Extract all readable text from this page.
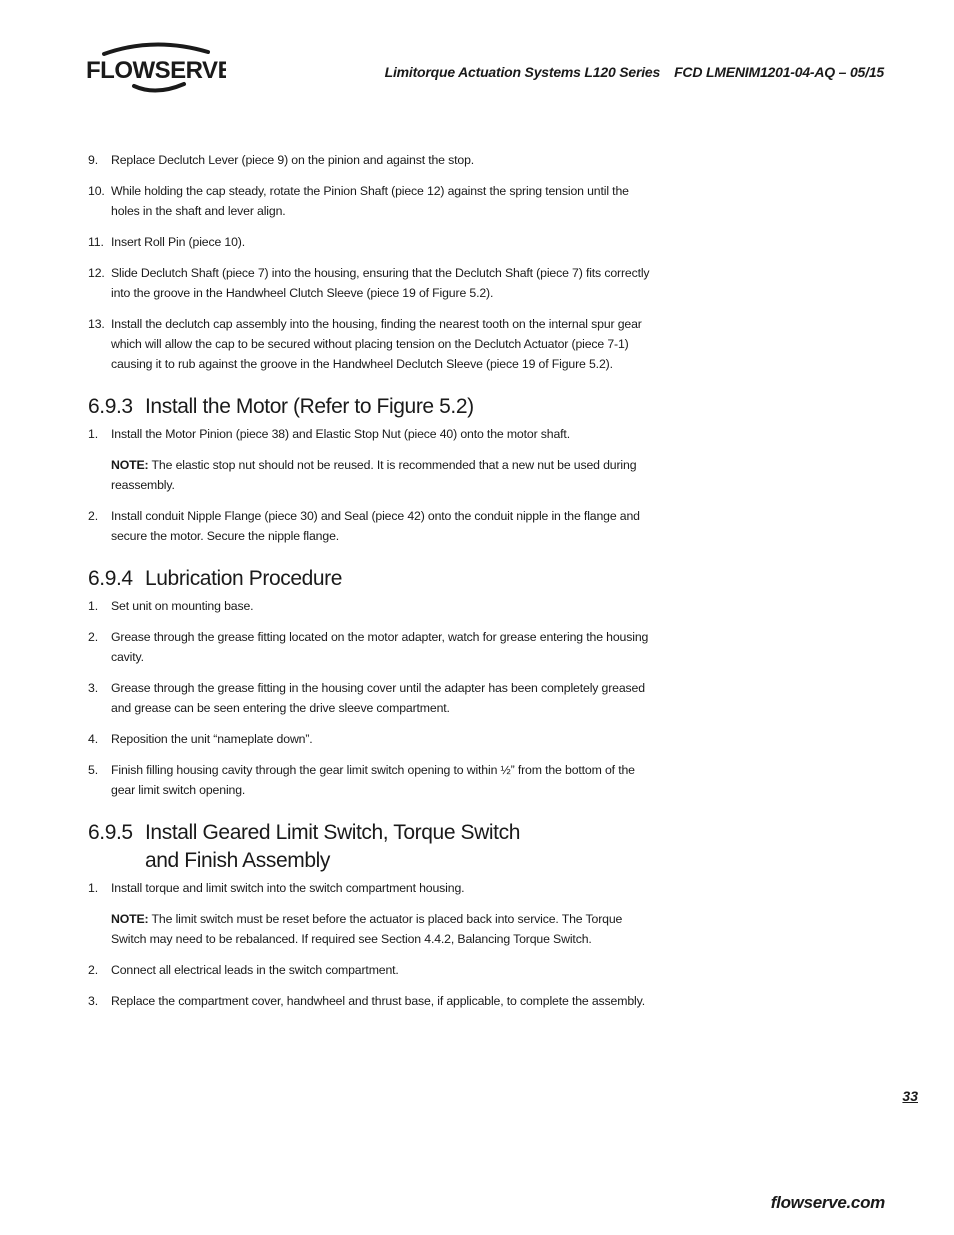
FLOWSERVE	Limitorque Actuation Systems L120 Series FCD LMENIM1201-04-AQ – 05/15
9. Replace Declutch Lever (piece 9) on the pinion and against the stop.
10. While holding the cap steady, rotate the Pinion Shaft (piece 12) against the spring tension until the holes in the shaft and lever align.
11. Insert Roll Pin (piece 10).
12. Slide Declutch Shaft (piece 7) into the housing, ensuring that the Declutch Shaft (piece 7) fits correctly into the groove in the Handwheel Clutch Sleeve (piece 19 of Figure 5.2).
13. Install the declutch cap assembly into the housing, finding the nearest tooth on the internal spur gear which will allow the cap to be secured without placing tension on the Declutch Actuator (piece 7-1) causing it to rub against the groove in the Handwheel Declutch Sleeve (piece 19 of Figure 5.2).
6.9.3 Install the Motor (Refer to Figure 5.2)
1. Install the Motor Pinion (piece 38) and Elastic Stop Nut (piece 40) onto the motor shaft.
NOTE: The elastic stop nut should not be reused. It is recommended that a new nut be used during reassembly.
2. Install conduit Nipple Flange (piece 30) and Seal (piece 42) onto the conduit nipple in the flange and secure the motor. Secure the nipple flange.
6.9.4 Lubrication Procedure
1. Set unit on mounting base.
2. Grease through the grease fitting located on the motor adapter, watch for grease entering the housing cavity.
3. Grease through the grease fitting in the housing cover until the adapter has been completely greased and grease can be seen entering the drive sleeve compartment.
4. Reposition the unit “nameplate down”.
5. Finish filling housing cavity through the gear limit switch opening to within ½” from the bottom of the gear limit switch opening.
6.9.5 Install Geared Limit Switch, Torque Switch
and Finish Assembly
1. Install torque and limit switch into the switch compartment housing.
NOTE: The limit switch must be reset before the actuator is placed back into service. The Torque Switch may need to be rebalanced. If required see Section 4.4.2, Balancing Torque Switch.
2. Connect all electrical leads in the switch compartment.
3. Replace the compartment cover, handwheel and thrust base, if applicable, to complete the assembly.
33
flowserve.com
